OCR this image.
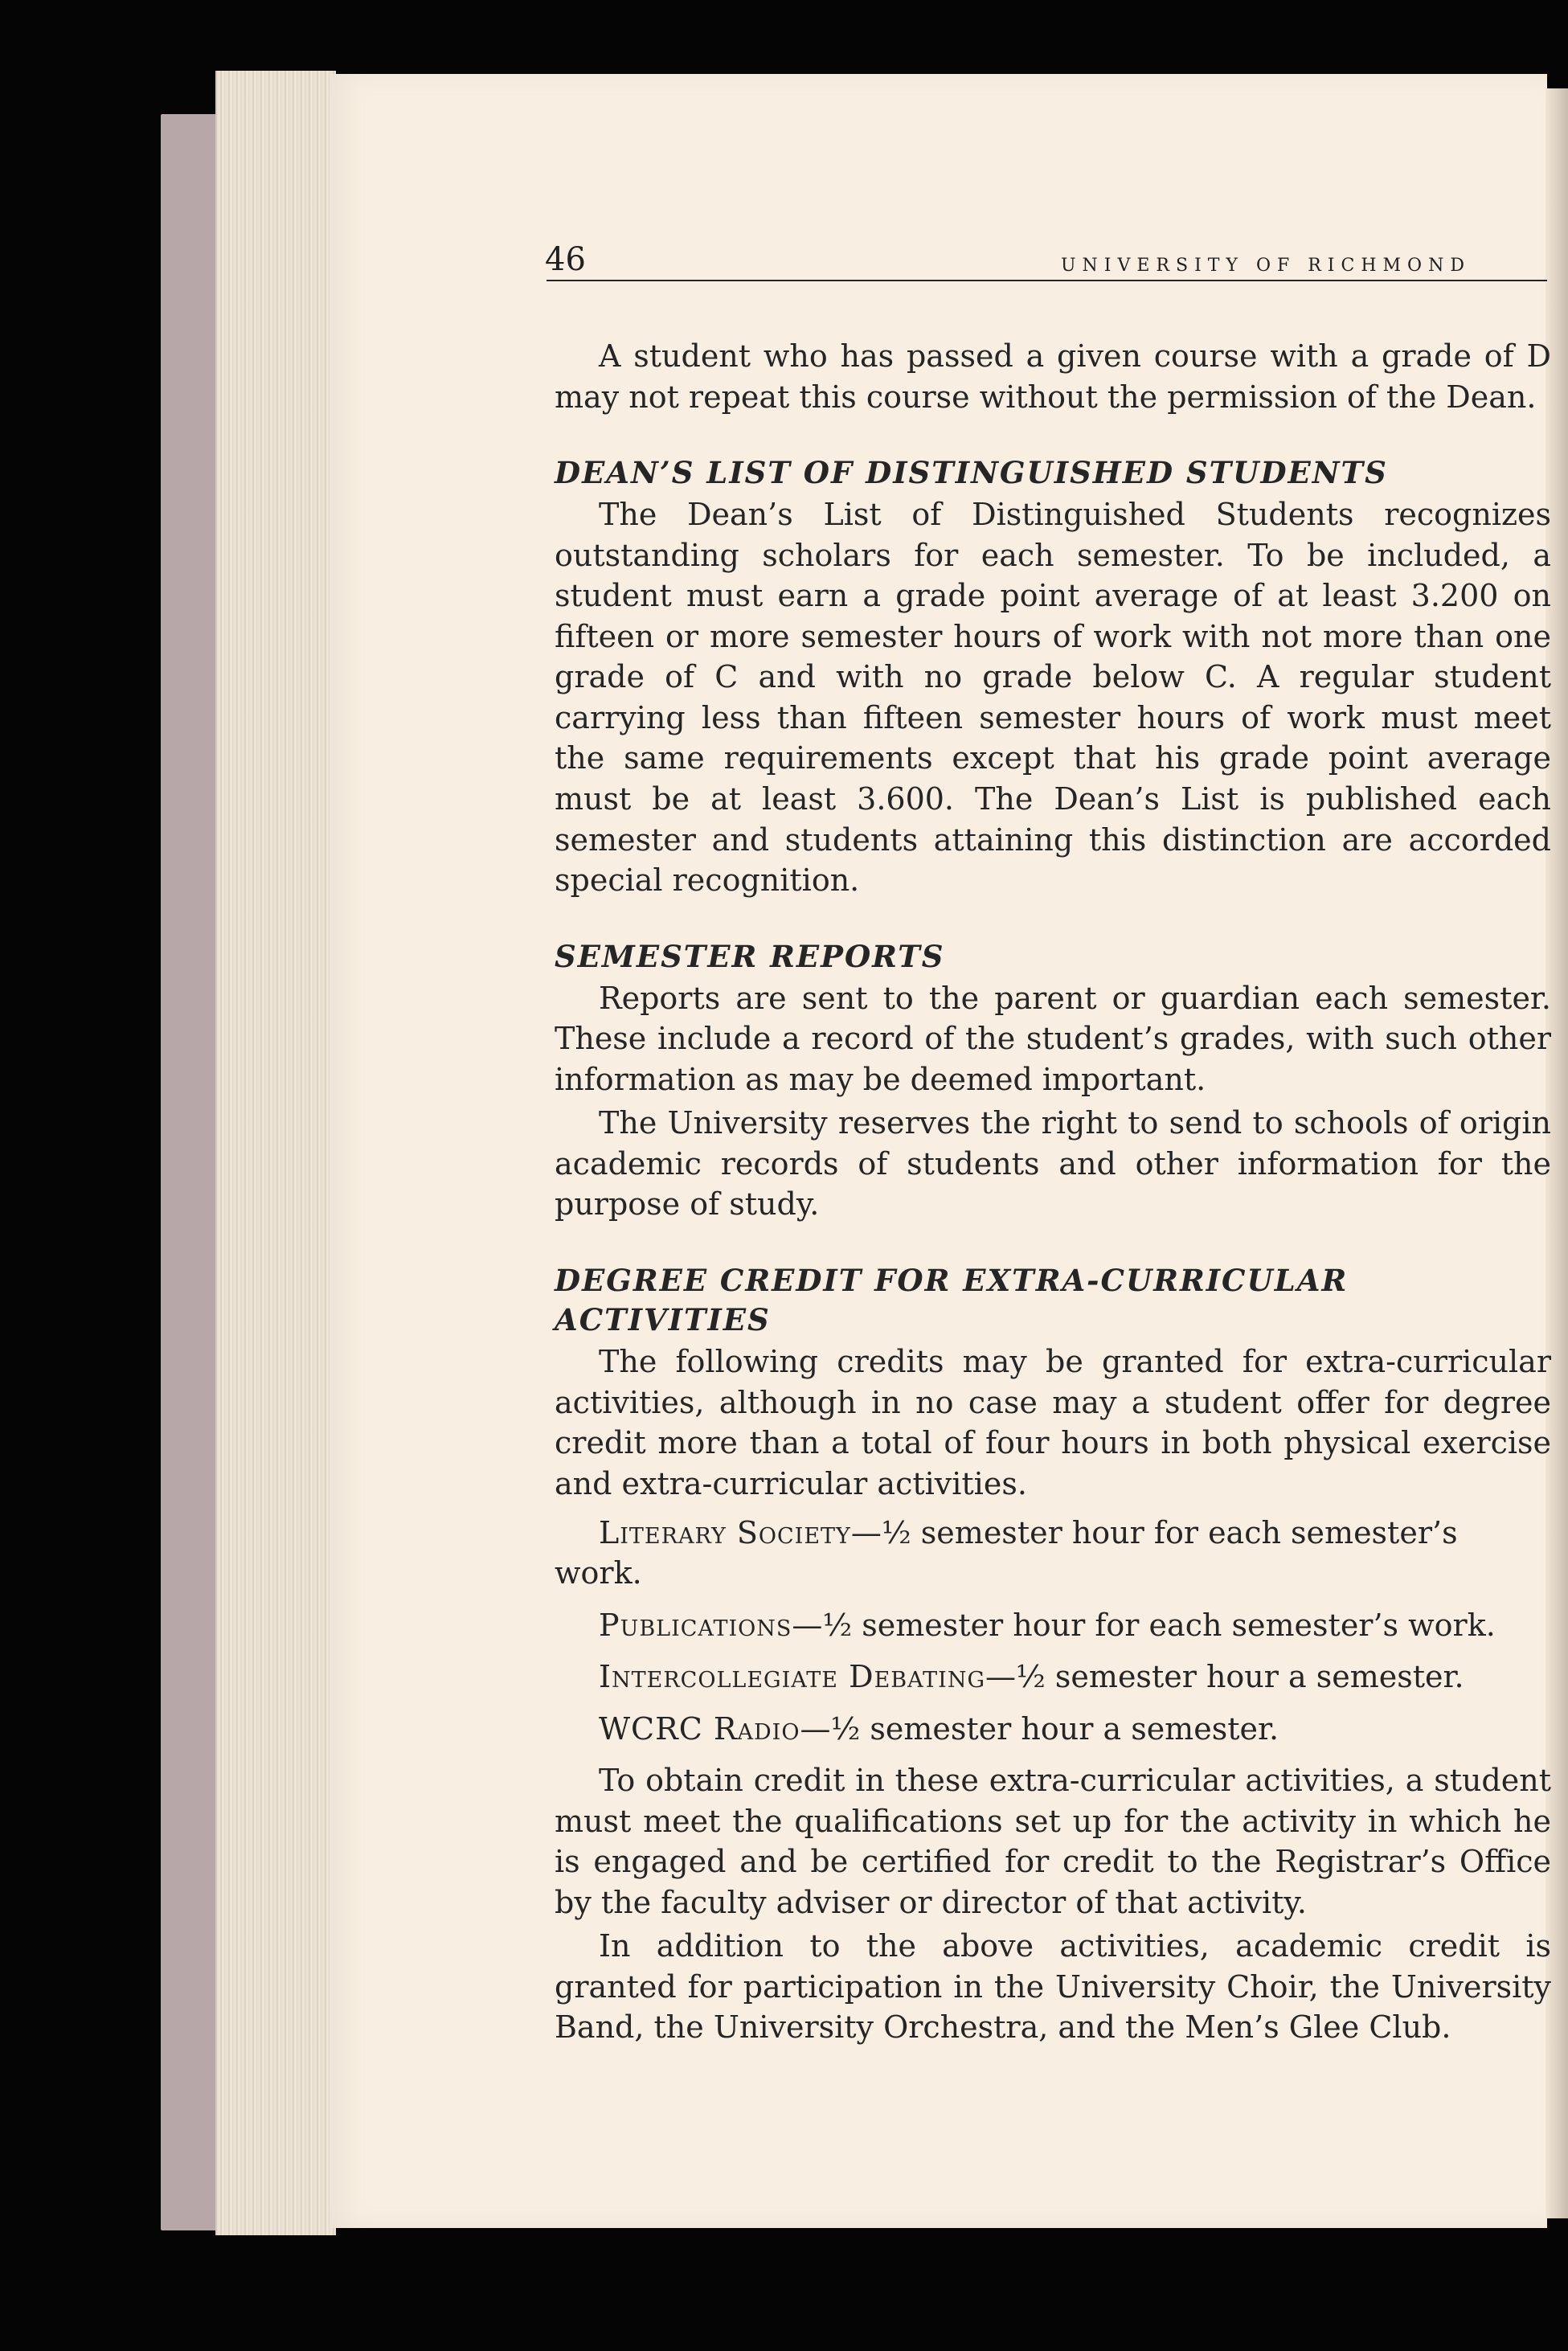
46	UNIVERSITY OF RICHMOND

A student who has passed a given course with a grade of D may not repeat this course without the permission of the Dean.

DEAN’S LIST OF DISTINGUISHED STUDENTS

The Dean’s List of Distinguished Students recognizes outstanding scholars for each semester. To be included, a student must earn a grade point average of at least 3.200 on fifteen or more semester hours of work with not more than one grade of C and with no grade below C. A regular student carrying less than fifteen semester hours of work must meet the same requirements except that his grade point average must be at least 3.600. The Dean’s List is published each semester and students attaining this distinction are accorded special recognition.

SEMESTER REPORTS

Reports are sent to the parent or guardian each semester. These include a record of the student’s grades, with such other information as may be deemed important.

The University reserves the right to send to schools of origin academic records of students and other information for the purpose of study.

DEGREE CREDIT FOR EXTRA-CURRICULAR ACTIVITIES

The following credits may be granted for extra-curricular activities, although in no case may a student offer for degree credit more than a total of four hours in both physical exercise and extra-curricular activities.

Literary Society—½ semester hour for each semester’s work.

Publications—½ semester hour for each semester’s work.

Intercollegiate Debating—½ semester hour a semester.

WCRC Radio—½ semester hour a semester.

To obtain credit in these extra-curricular activities, a student must meet the qualifications set up for the activity in which he is engaged and be certified for credit to the Registrar’s Office by the faculty adviser or director of that activity.

In addition to the above activities, academic credit is granted for participation in the University Choir, the University Band, the University Orchestra, and the Men’s Glee Club.
